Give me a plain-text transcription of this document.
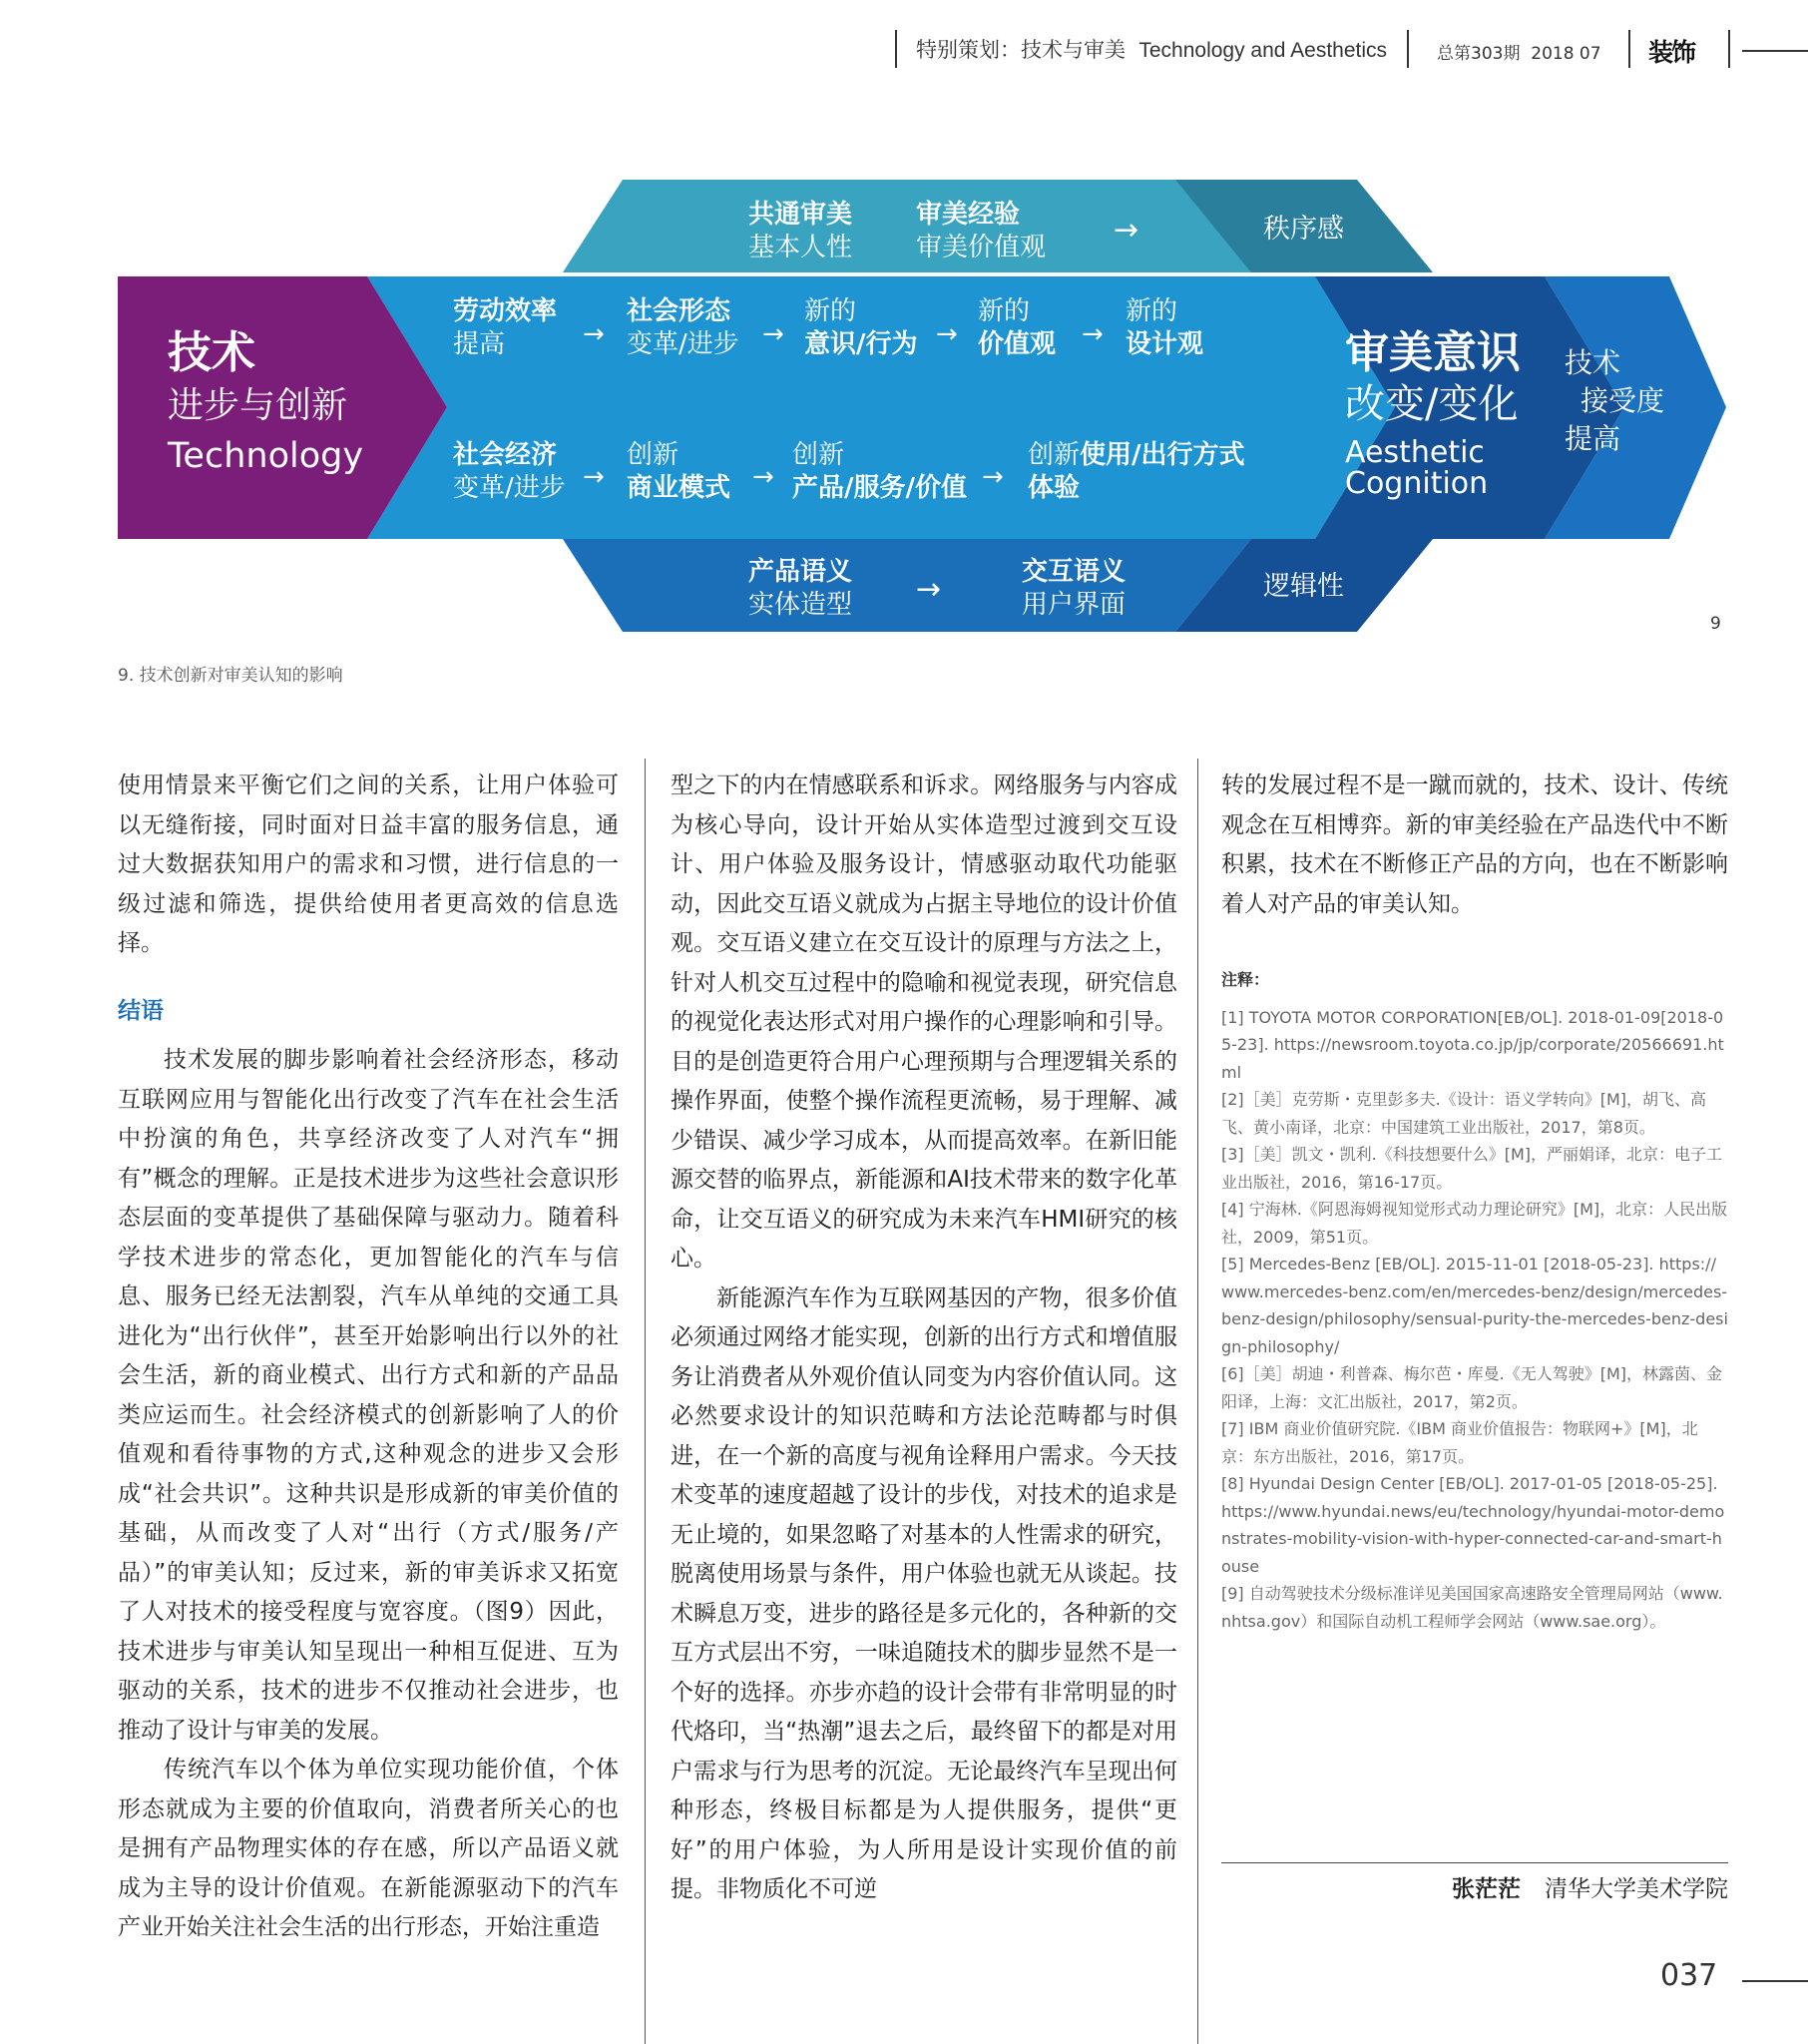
特别策划：技术与审美 Technology and Aesthetics	总第303期 2018 07 装饰
技术
进步与创新
Technology
审美意识
改变/变化
Aesthetic
Cognition
技术
接受度
提高
共通审美
基本人性
审美经验
审美价值观 →	秩序感
劳动效率
提高	→
社会形态
变革/进步 →
新的
意识/行为 →
新的
价值观 →
新的
设计观
社会经济
变革/进步 →
创新
商业模式 →
创新
产品/服务/价值 →
创新使用/出行方式
体验
产品语义
实体造型 →	交互语义
用户界面
逻辑性
9
9. 技术创新对审美认知的影响

使用情景来平衡它们之间的关系，让用户体验可以无缝衔接，同时面对日益丰富的服务信息，通过大数据获知用户的需求和习惯，进行信息的一级过滤和筛选，提供给使用者更高效的信息选择。

结语

技术发展的脚步影响着社会经济形态，移动互联网应用与智能化出行改变了汽车在社会生活中扮演的角色，共享经济改变了人对汽车“拥有”概念的理解。正是技术进步为这些社会意识形态层面的变革提供了基础保障与驱动力。随着科学技术进步的常态化，更加智能化的汽车与信息、服务已经无法割裂，汽车从单纯的交通工具进化为“出行伙伴”，甚至开始影响出行以外的社会生活，新的商业模式、出行方式和新的产品品类应运而生。社会经济模式的创新影响了人的价值观和看待事物的方式,这种观念的进步又会形成“社会共识”。这种共识是形成新的审美价值的基础，从而改变了人对“出行（方式/服务/产品）”的审美认知；反过来，新的审美诉求又拓宽了人对技术的接受程度与宽容度。（图9）因此，技术进步与审美认知呈现出一种相互促进、互为驱动的关系，技术的进步不仅推动社会进步，也推动了设计与审美的发展。

传统汽车以个体为单位实现功能价值，个体形态就成为主要的价值取向，消费者所关心的也是拥有产品物理实体的存在感，所以产品语义就成为主导的设计价值观。在新能源驱动下的汽车产业开始关注社会生活的出行形态，开始注重造

型之下的内在情感联系和诉求。网络服务与内容成为核心导向，设计开始从实体造型过渡到交互设计、用户体验及服务设计，情感驱动取代功能驱动，因此交互语义就成为占据主导地位的设计价值观。交互语义建立在交互设计的原理与方法之上，针对人机交互过程中的隐喻和视觉表现，研究信息的视觉化表达形式对用户操作的心理影响和引导。目的是创造更符合用户心理预期与合理逻辑关系的操作界面，使整个操作流程更流畅，易于理解、减少错误、减少学习成本，从而提高效率。在新旧能源交替的临界点，新能源和AI技术带来的数字化革命，让交互语义的研究成为未来汽车HMI研究的核心。

新能源汽车作为互联网基因的产物，很多价值必须通过网络才能实现，创新的出行方式和增值服务让消费者从外观价值认同变为内容价值认同。这必然要求设计的知识范畴和方法论范畴都与时俱进，在一个新的高度与视角诠释用户需求。今天技术变革的速度超越了设计的步伐，对技术的追求是无止境的，如果忽略了对基本的人性需求的研究，脱离使用场景与条件，用户体验也就无从谈起。技术瞬息万变，进步的路径是多元化的，各种新的交互方式层出不穷，一味追随技术的脚步显然不是一个好的选择。亦步亦趋的设计会带有非常明显的时代烙印，当“热潮”退去之后，最终留下的都是对用户需求与行为思考的沉淀。无论最终汽车呈现出何种形态，终极目标都是为人提供服务，提供“更好”的用户体验，为人所用是设计实现价值的前提。非物质化不可逆

转的发展过程不是一蹴而就的，技术、设计、传统观念在互相博弈。新的审美经验在产品迭代中不断积累，技术在不断修正产品的方向，也在不断影响着人对产品的审美认知。

注释：

[1] TOYOTA MOTOR CORPORATION[EB/OL]. 2018-01-09[2018-05-23]. https://newsroom.toyota.co.jp/jp/corporate/20566691.html

[2]［美］克劳斯・克里彭多夫.《设计：语义学转向》[M]，胡飞、高飞、黄小南译，北京：中国建筑工业出版社，2017，第8页。

[3]［美］凯文・凯利.《科技想要什么》[M]，严丽娟译，北京：电子工业出版社，2016，第16-17页。

[4] 宁海林.《阿恩海姆视知觉形式动力理论研究》[M]，北京：人民出版社，2009，第51页。

[5] Mercedes-Benz [EB/OL]. 2015-11-01 [2018-05-23]. https://www.mercedes-benz.com/en/mercedes-benz/design/mercedes-benz-design/philosophy/sensual-purity-the-mercedes-benz-design-philosophy/

[6]［美］胡迪・利普森、梅尔芭・库曼.《无人驾驶》[M]，林露茵、金阳译，上海：文汇出版社，2017，第2页。

[7] IBM 商业价值研究院.《IBM 商业价值报告：物联网+》[M]，北京：东方出版社，2016，第17页。

[8] Hyundai Design Center [EB/OL]. 2017-01-05 [2018-05-25]. https://www.hyundai.news/eu/technology/hyundai-motor-demonstrates-mobility-vision-with-hyper-connected-car-and-smart-house

[9] 自动驾驶技术分级标准详见美国国家高速路安全管理局网站（www.nhtsa.gov）和国际自动机工程师学会网站（www.sae.org）。

张茫茫 清华大学美术学院
037
